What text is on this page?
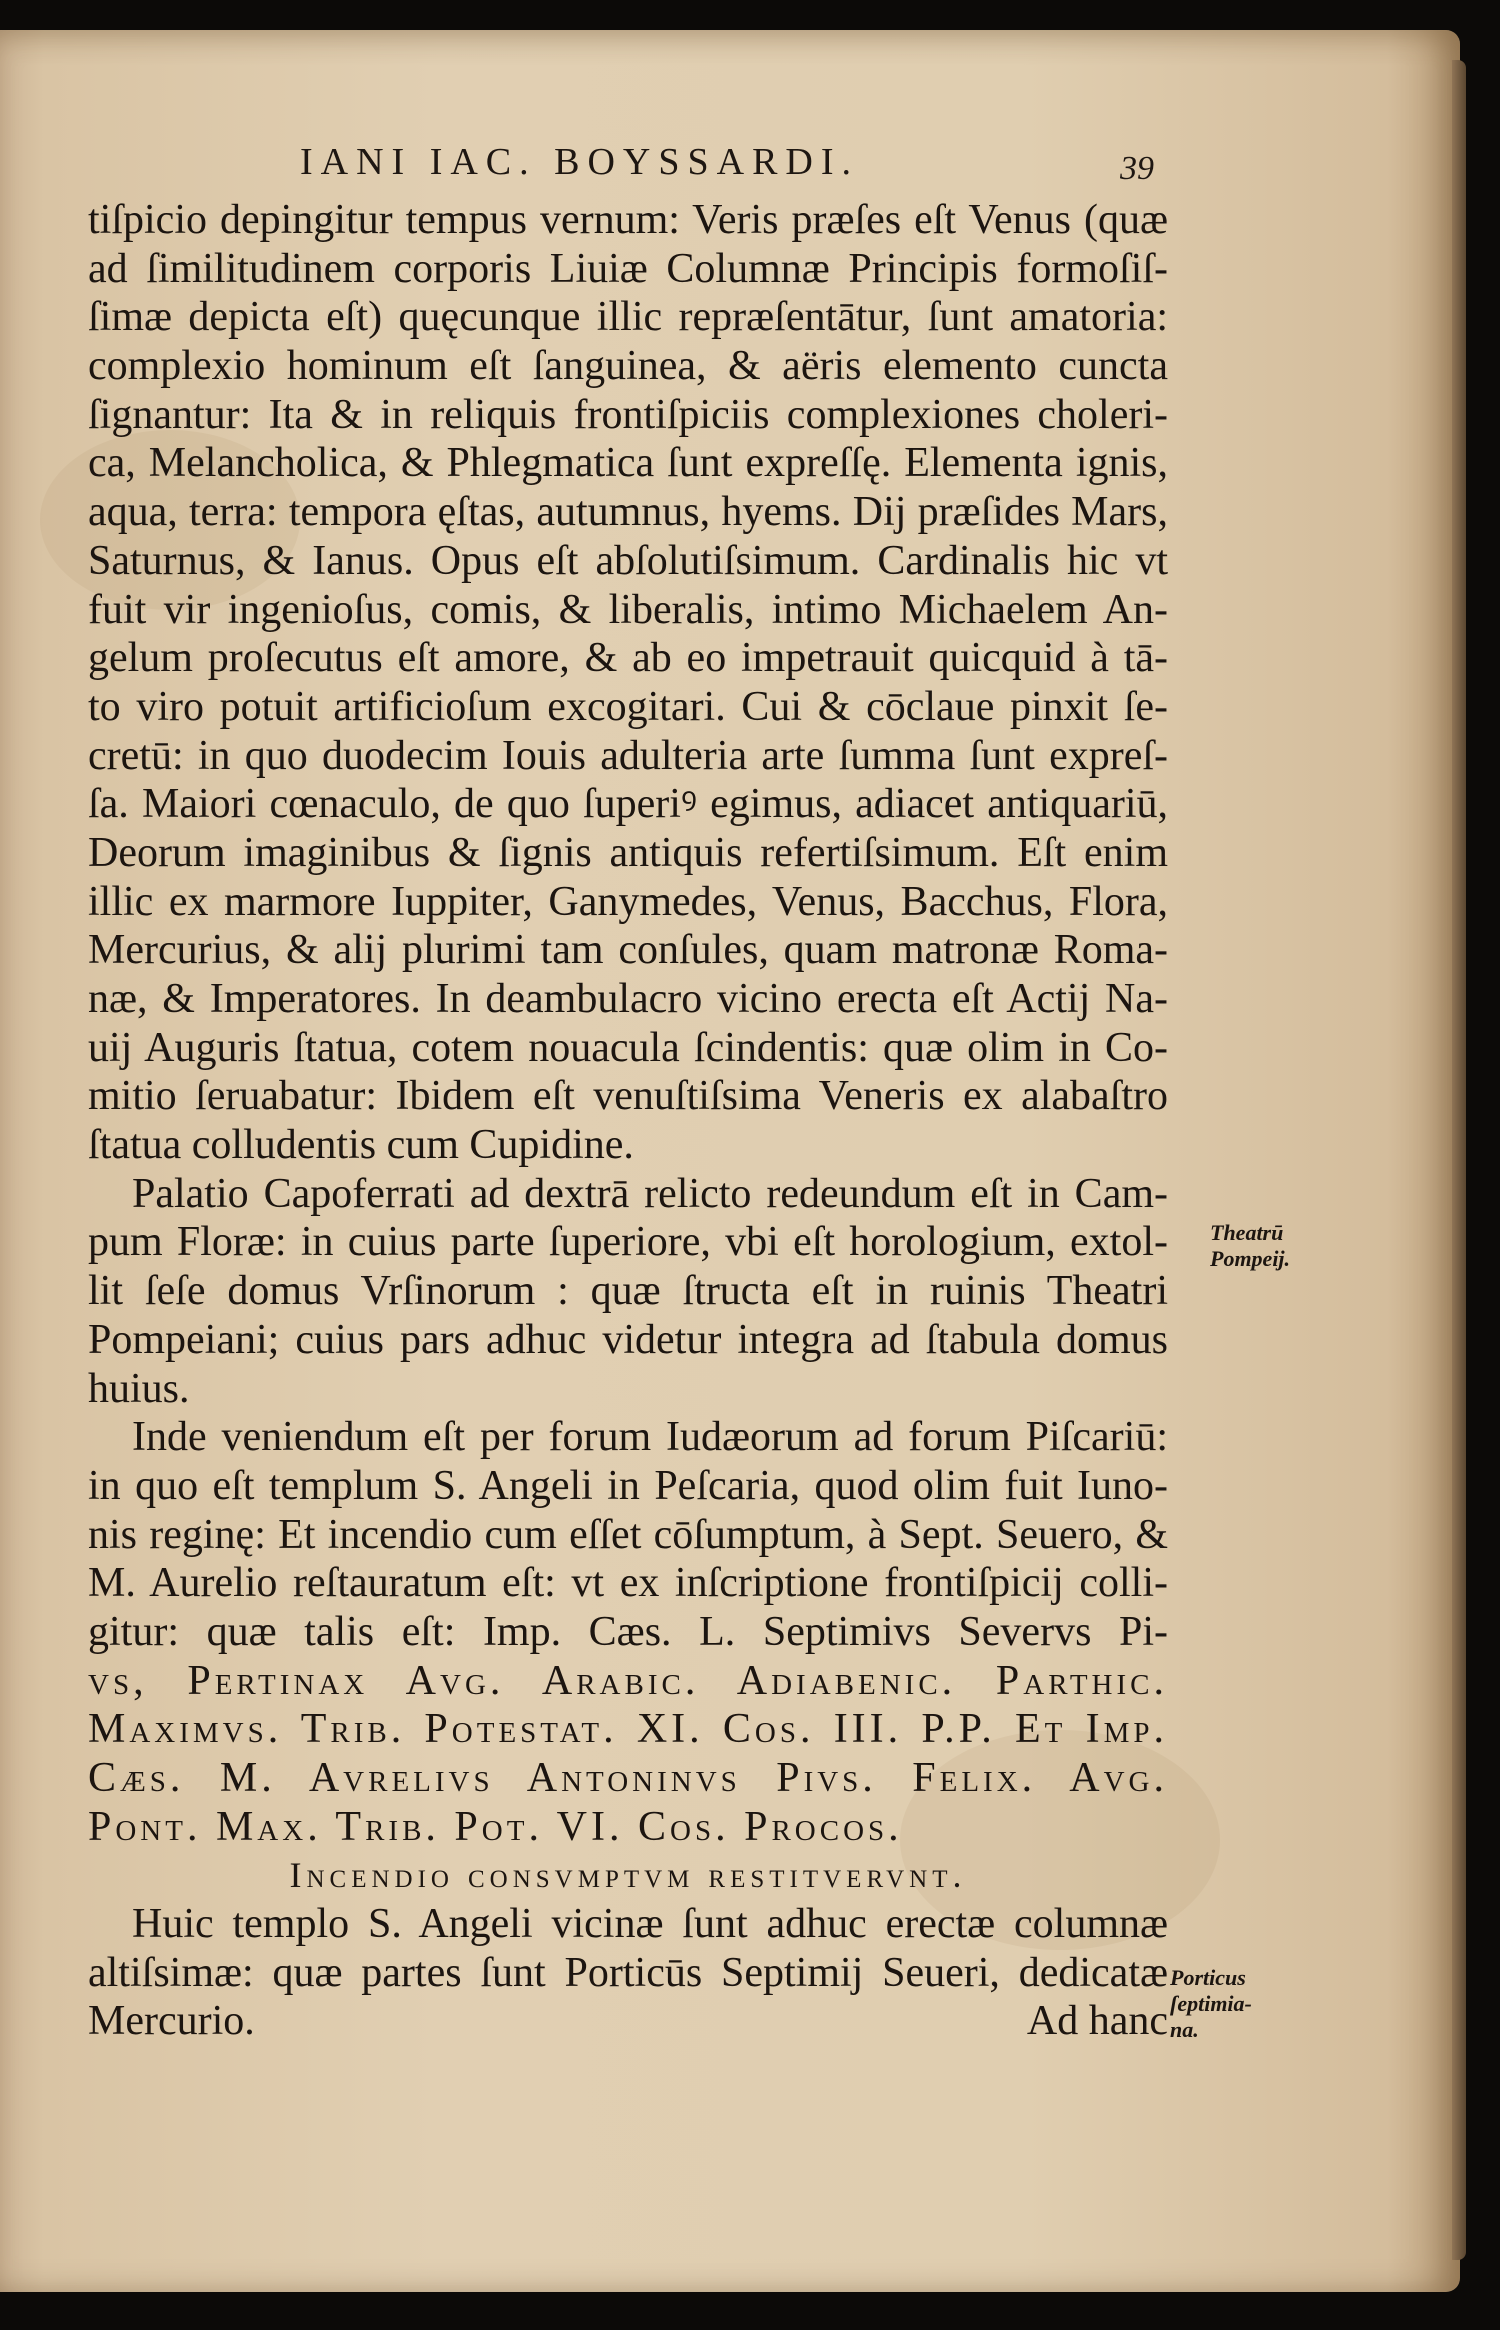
IANI IAC. BOYSSARDI.	39
tiſpicio depingitur tempus vernum: Veris præſes eſt Venus (quæ
ad ſimilitudinem corporis Liuiæ Columnæ Principis formoſiſ-
ſimæ depicta eſt) quęcunque illic repræſentātur, ſunt amatoria:
complexio hominum eſt ſanguinea, & aëris elemento cuncta
ſignantur: Ita & in reliquis frontiſpiciis complexiones choleri-
ca, Melancholica, & Phlegmatica ſunt expreſſę. Elementa ignis,
aqua, terra: tempora ęſtas, autumnus, hyems. Dij præſides Mars,
Saturnus, & Ianus. Opus eſt abſolutiſsimum. Cardinalis hic vt
fuit vir ingenioſus, comis, & liberalis, intimo Michaelem An-
gelum proſecutus eſt amore, & ab eo impetrauit quicquid à tā-
to viro potuit artificioſum excogitari. Cui & cōclaue pinxit ſe-
cretū: in quo duodecim Iouis adulteria arte ſumma ſunt expreſ-
ſa. Maiori cœnaculo, de quo ſuperiꝰ egimus, adiacet antiquariū,
Deorum imaginibus & ſignis antiquis refertiſsimum. Eſt enim
illic ex marmore Iuppiter, Ganymedes, Venus, Bacchus, Flora,
Mercurius, & alij plurimi tam conſules, quam matronæ Roma-
næ, & Imperatores. In deambulacro vicino erecta eſt Actij Na-
uij Auguris ſtatua, cotem nouacula ſcindentis: quæ olim in Co-
mitio ſeruabatur: Ibidem eſt venuſtiſsima Veneris ex alabaſtro
ſtatua colludentis cum Cupidine.
Palatio Capoferrati ad dextrā relicto redeundum eſt in Cam-
pum Floræ: in cuius parte ſuperiore, vbi eſt horologium, extol-
lit ſeſe domus Vrſinorum : quæ ſtructa eſt in ruinis Theatri
Pompeiani; cuius pars adhuc videtur integra ad ſtabula domus
huius.
Inde veniendum eſt per forum Iudæorum ad forum Piſcariū:
in quo eſt templum S. Angeli in Peſcaria, quod olim fuit Iuno-
nis reginę: Et incendio cum eſſet cōſumptum, à Sept. Seuero, &
M. Aurelio reſtauratum eſt: vt ex inſcriptione frontiſpicij colli-
gitur: quæ talis eſt: Imp. Cæs. L. Septimivs Severvs Pi-
vs, Pertinax Avg. Arabic. Adiabenic. Parthic.
Maximvs. Trib. Potestat. XI. Cos. III. P.P. Et Imp.
Cæs. M. Avrelivs Antoninvs Pivs. Felix. Avg.
Pont. Max. Trib. Pot. VI. Cos. Procos.
Incendio consvmptvm restitvervnt.
Huic templo S. Angeli vicinæ ſunt adhuc erectæ columnæ
altiſsimæ: quæ partes ſunt Porticūs Septimij Seueri, dedicatæ
Mercurio.	Ad hanc
Theatrū Pompeij.
Porticus ſeptimia-na.
